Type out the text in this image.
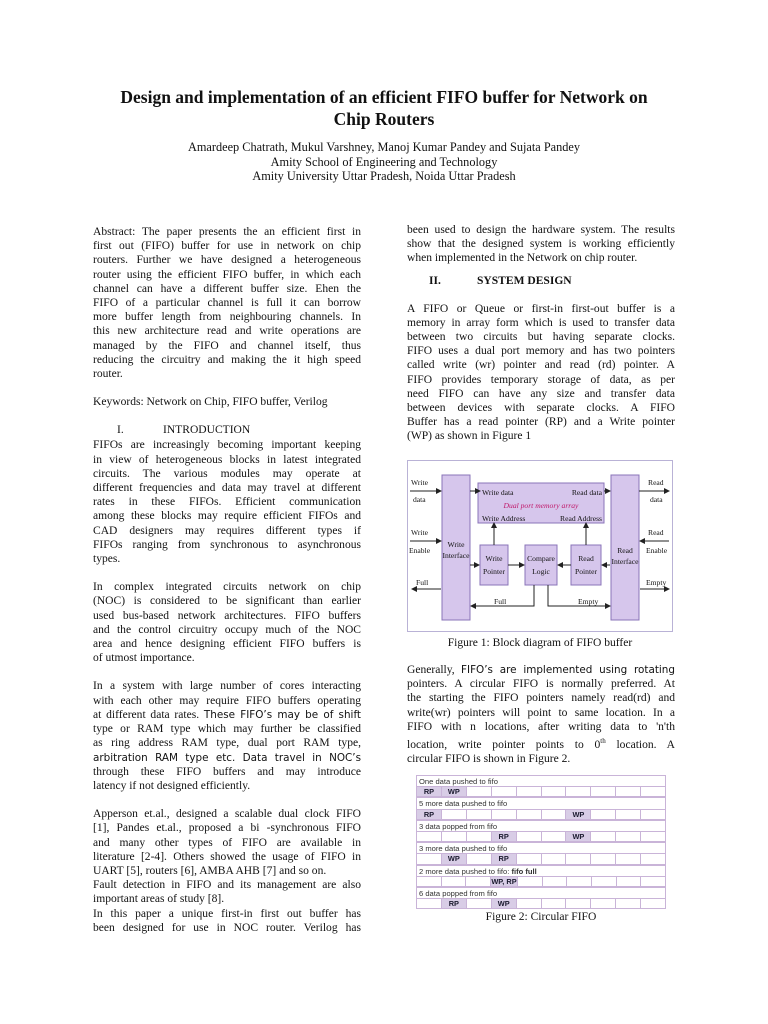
Design and implementation of an efficient FIFO buffer for Network on
Chip Routers
Amardeep Chatrath, Mukul Varshney, Manoj Kumar Pandey and Sujata Pandey
Amity School of Engineering and Technology
Amity University Uttar Pradesh, Noida Uttar Pradesh
Abstract: The paper presents the an efficient first in
first out (FIFO) buffer for use in network on chip
routers. Further we have designed a heterogeneous
router using the efficient FIFO buffer, in which each
channel can have a different buffer size. Ehen the
FIFO of a particular channel is full it can borrow
more buffer length from neighbouring channels. In
this new architecture read and write operations are
managed by the FIFO and channel itself, thus
reducing the circuitry and making the it high speed
router.
Keywords: Network on Chip, FIFO buffer, Verilog
I.	INTRODUCTION
FIFOs are increasingly becoming important keeping
in view of heterogeneous blocks in latest integrated
circuits. The various modules may operate at
different frequencies and data may travel at different
rates in these FIFOs. Efficient communication
among these blocks may require efficient FIFOs and
CAD designers may requires different types if
FIFOs ranging from synchronous to asynchronous
types.
In complex integrated circuits network on chip
(NOC) is considered to be significant than earlier
used bus-based network architectures. FIFO buffers
and the control circuitry occupy much of the NOC
area and hence designing efficient FIFO buffers is
of utmost importance.
In a system with large number of cores interacting
with each other may require FIFO buffers operating
at different data rates. These FIFO’s may be of shift
type or RAM type which may further be classified
as ring address RAM type, dual port RAM type,
arbitration RAM type etc. Data travel in NOC’s
through these FIFO buffers and may introduce
latency if not designed efficiently.
Apperson et.al., designed a scalable dual clock FIFO
[1], Pandes et.al., proposed a bi -synchronous FIFO
and many other types of FIFO are available in
literature [2-4]. Others showed the usage of FIFO in
UART [5], routers [6], AMBA AHB [7] and so on.
Fault detection in FIFO and its management are also
important areas of study [8].
In this paper a unique first-in first out buffer has
been designed for use in NOC router. Verilog has
been used to design the hardware system. The results
show that the designed system is working efficiently
when implemented in the Network on chip router.
II.	SYSTEM DESIGN
A FIFO or Queue or first-in first-out buffer is a
memory in array form which is used to transfer data
between two circuits but having separate clocks.
FIFO uses a dual port memory and has two pointers
called write (wr) pointer and read (rd) pointer. A
FIFO provides temporary storage of data, as per
need FIFO can have any size and transfer data
between devices with separate clocks. A FIFO
Buffer has a read pointer (RP) and a Write pointer
(WP) as shown in Figure 1
Write
data
Write
Enable
Full
Write
Interface
Write data	Read data
Dual port memory array
Write Address	Read Address
Write
Pointer
Compare
Logic
Read
Pointer
Read
Interface
Read
data
Read
Enable
Empty
Full	Empty
Figure 1: Block diagram of FIFO buffer
Generally, FIFO’s are implemented using rotating
pointers. A circular FIFO is normally preferred. At
the starting the FIFO pointers namely read(rd) and
write(wr) pointers will point to same location. In a
FIFO with n locations, after writing data to 'n'th
location, write pointer points to 0th location. A
circular FIFO is shown in Figure 2.
One data pushed to fifo
RP	WP
5 more data pushed to fifo
RP	WP
3 data popped from fifo
RP	WP
3 more data pushed to fifo
WP	RP
2 more data pushed to fifo: fifo full
WP, RP
6 data popped from fifo
RP	WP
Figure 2: Circular FIFO
